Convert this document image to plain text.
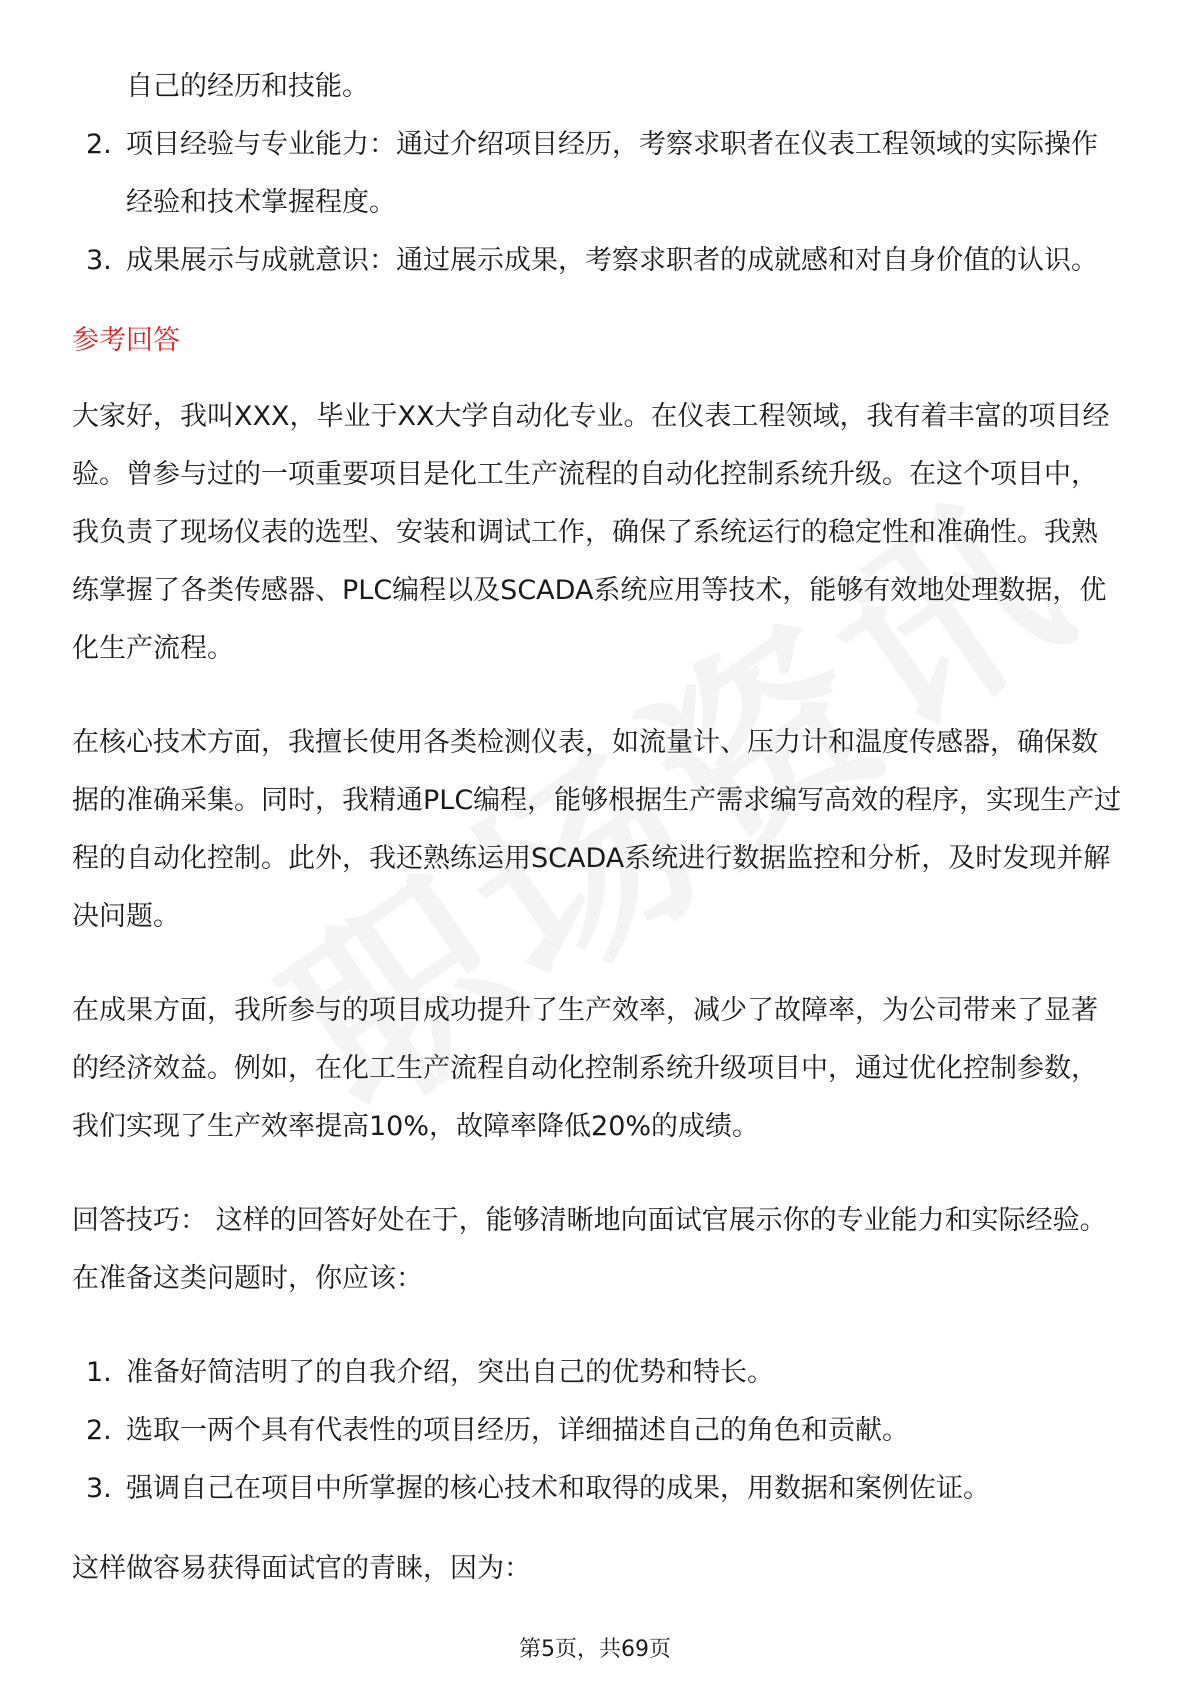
自己的经历和技能。
2. 项目经验与专业能力：通过介绍项目经历，考察求职者在仪表工程领域的实际操作经验和技术掌握程度。
3. 成果展示与成就意识：通过展示成果，考察求职者的成就感和对自身价值的认识。
参考回答

大家好，我叫XXX，毕业于XX大学自动化专业。在仪表工程领域，我有着丰富的项目经验。曾参与过的一项重要项目是化工生产流程的自动化控制系统升级。在这个项目中，我负责了现场仪表的选型、安装和调试工作，确保了系统运行的稳定性和准确性。我熟练掌握了各类传感器、PLC编程以及SCADA系统应用等技术，能够有效地处理数据，优化生产流程。

在核心技术方面，我擅长使用各类检测仪表，如流量计、压力计和温度传感器，确保数据的准确采集。同时，我精通PLC编程，能够根据生产需求编写高效的程序，实现生产过程的自动化控制。此外，我还熟练运用SCADA系统进行数据监控和分析，及时发现并解决问题。

在成果方面，我所参与的项目成功提升了生产效率，减少了故障率，为公司带来了显著的经济效益。例如，在化工生产流程自动化控制系统升级项目中，通过优化控制参数，我们实现了生产效率提高10%，故障率降低20%的成绩。

回答技巧： 这样的回答好处在于，能够清晰地向面试官展示你的专业能力和实际经验。在准备这类问题时，你应该：

1. 准备好简洁明了的自我介绍，突出自己的优势和特长。
2. 选取一两个具有代表性的项目经历，详细描述自己的角色和贡献。
3. 强调自己在项目中所掌握的核心技术和取得的成果，用数据和案例佐证。

这样做容易获得面试官的青睐，因为：

第5页，共69页
